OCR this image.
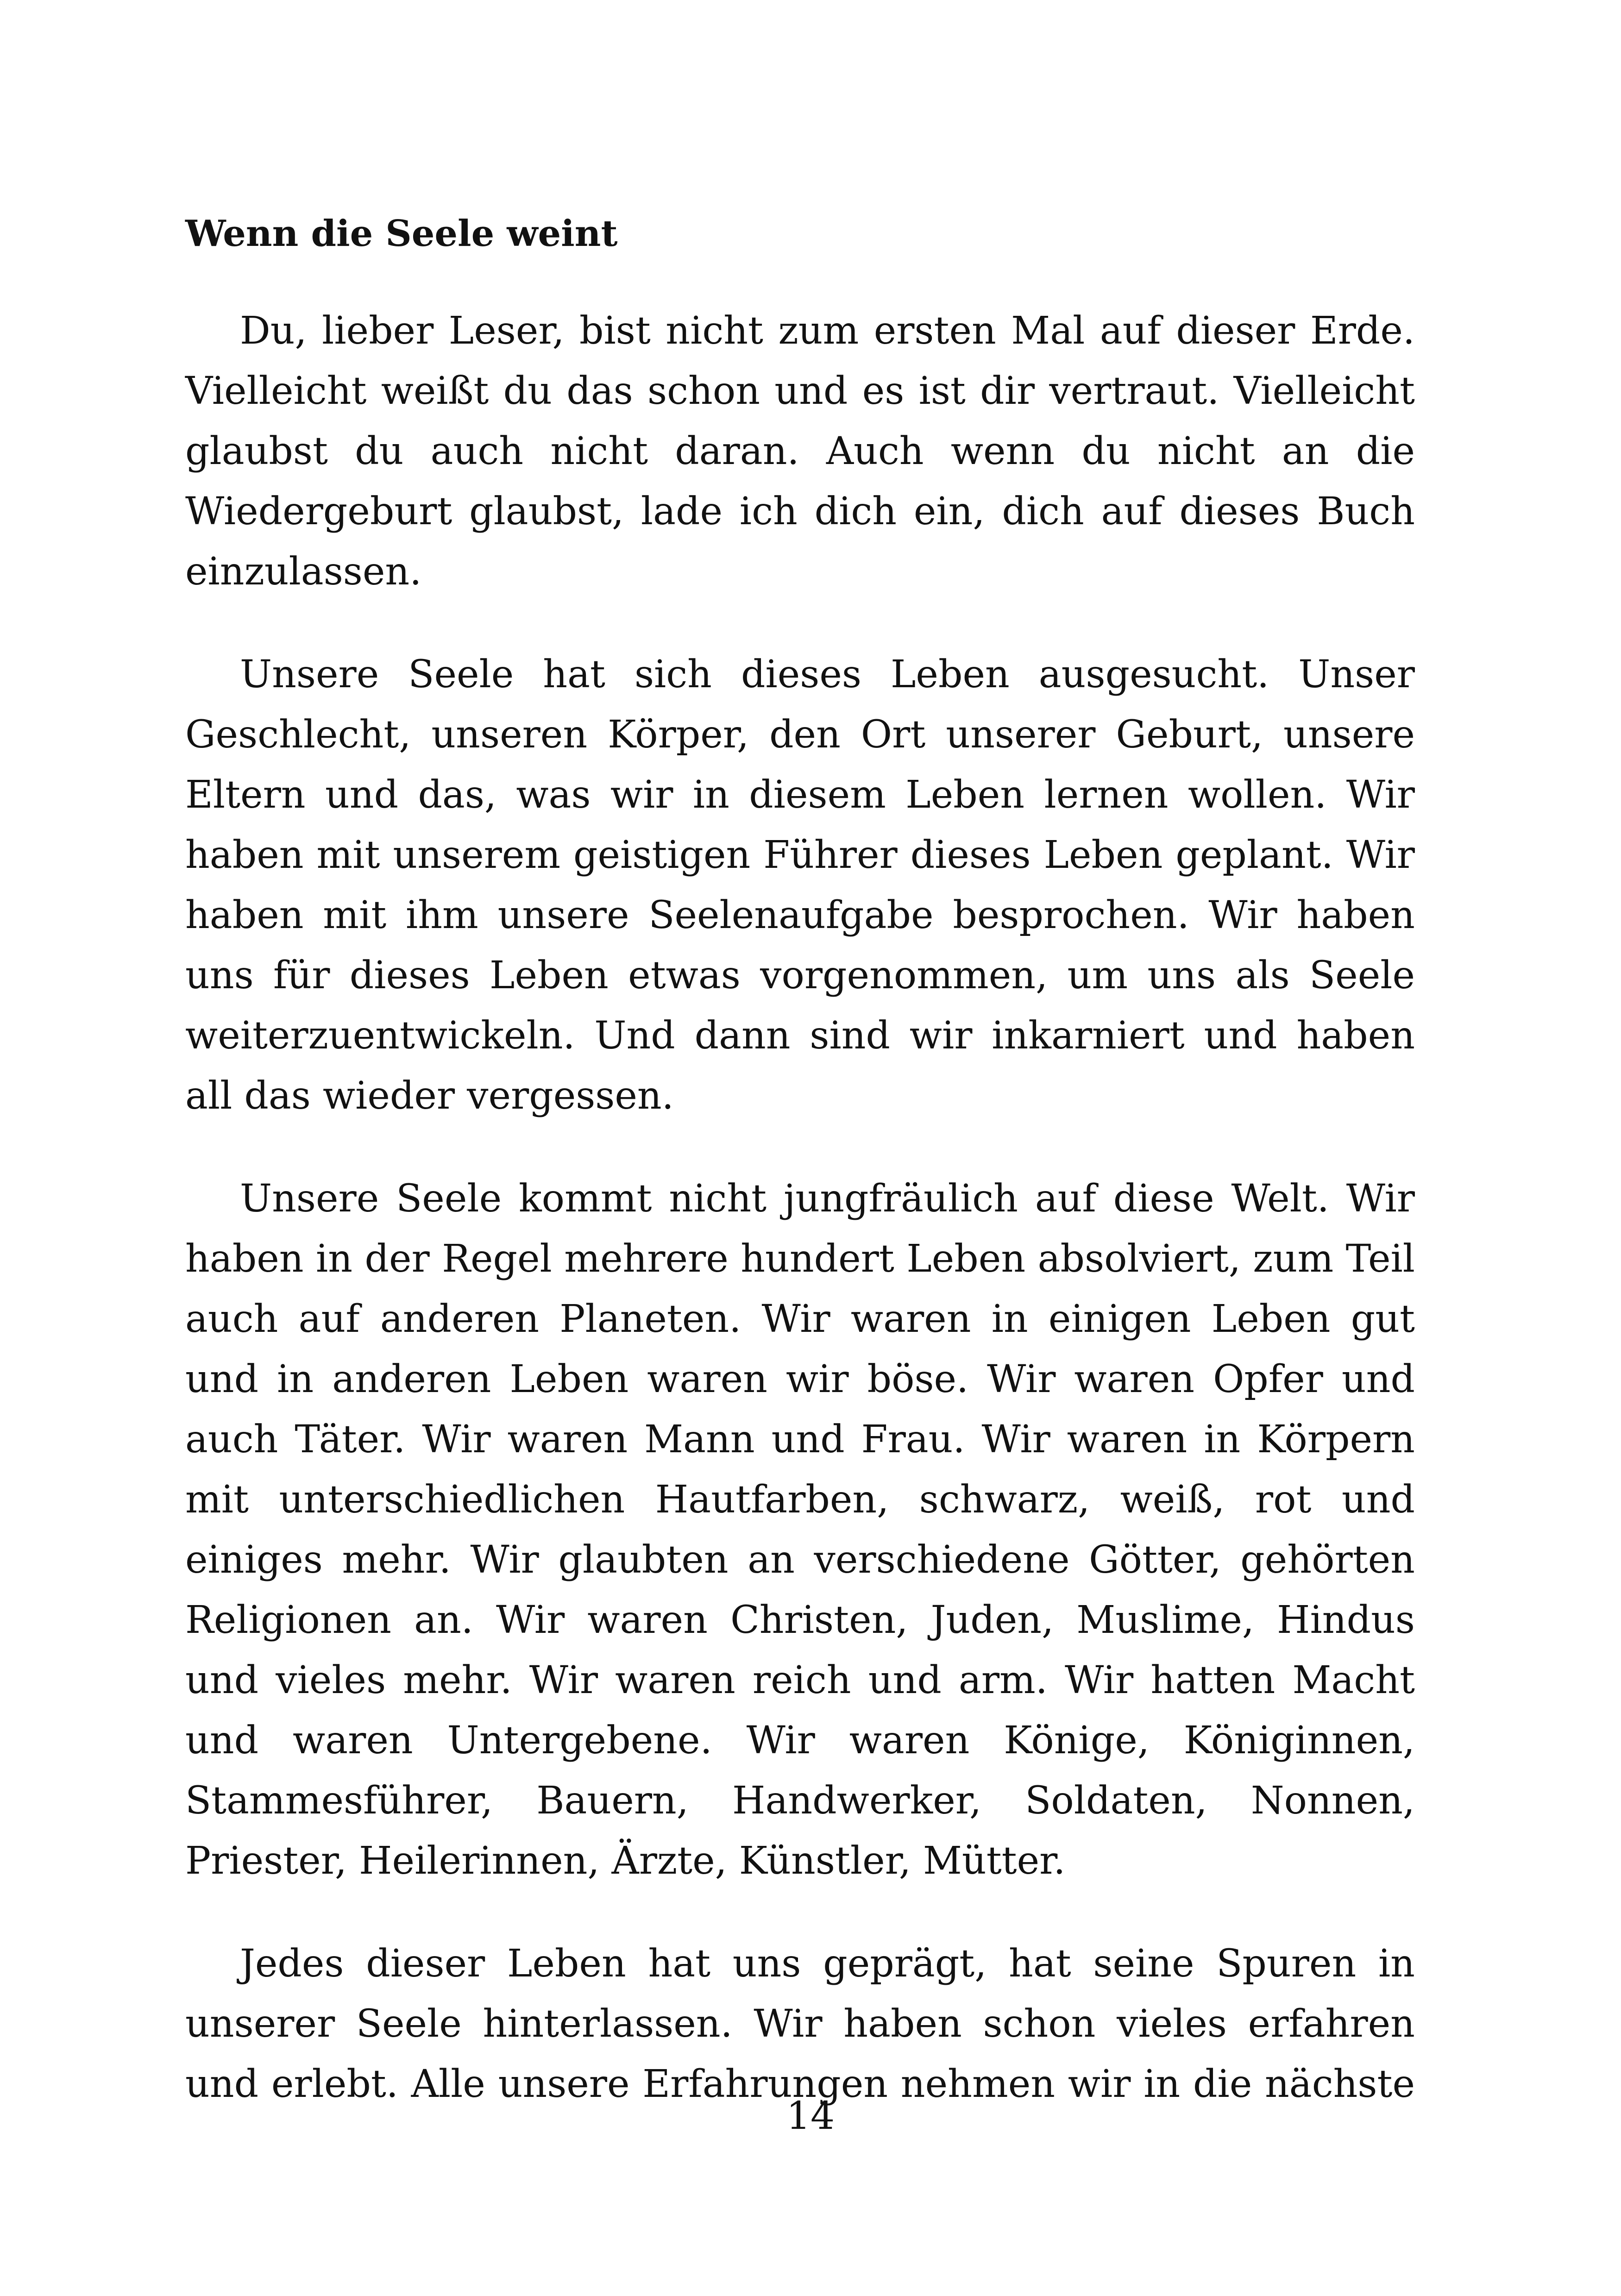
Wenn die Seele weint

Du, lieber Leser, bist nicht zum ersten Mal auf dieser Erde. Vielleicht weißt du das schon und es ist dir vertraut. Vielleicht glaubst du auch nicht daran. Auch wenn du nicht an die Wiedergeburt glaubst, lade ich dich ein, dich auf dieses Buch einzulassen.

Unsere Seele hat sich dieses Leben ausgesucht. Unser Geschlecht, unseren Körper, den Ort unserer Geburt, unsere Eltern und das, was wir in diesem Leben lernen wollen. Wir haben mit unserem geistigen Führer dieses Leben geplant. Wir haben mit ihm unsere Seelenaufgabe besprochen. Wir haben uns für dieses Leben etwas vorgenommen, um uns als Seele weiterzuentwickeln. Und dann sind wir inkarniert und haben all das wieder vergessen.

Unsere Seele kommt nicht jungfräulich auf diese Welt. Wir haben in der Regel mehrere hundert Leben absolviert, zum Teil auch auf anderen Planeten. Wir waren in einigen Leben gut und in anderen Leben waren wir böse. Wir waren Opfer und auch Täter. Wir waren Mann und Frau. Wir waren in Körpern mit unterschiedlichen Hautfarben, schwarz, weiß, rot und einiges mehr. Wir glaubten an verschiedene Götter, gehörten Religionen an. Wir waren Christen, Juden, Muslime, Hindus und vieles mehr. Wir waren reich und arm. Wir hatten Macht und waren Untergebene. Wir waren Könige, Königinnen, Stammesführer, Bauern, Handwerker, Soldaten, Nonnen, Priester, Heilerinnen, Ärzte, Künstler, Mütter.

Jedes dieser Leben hat uns geprägt, hat seine Spuren in unserer Seele hinterlassen. Wir haben schon vieles erfahren und erlebt. Alle unsere Erfahrungen nehmen wir in die nächste

14
